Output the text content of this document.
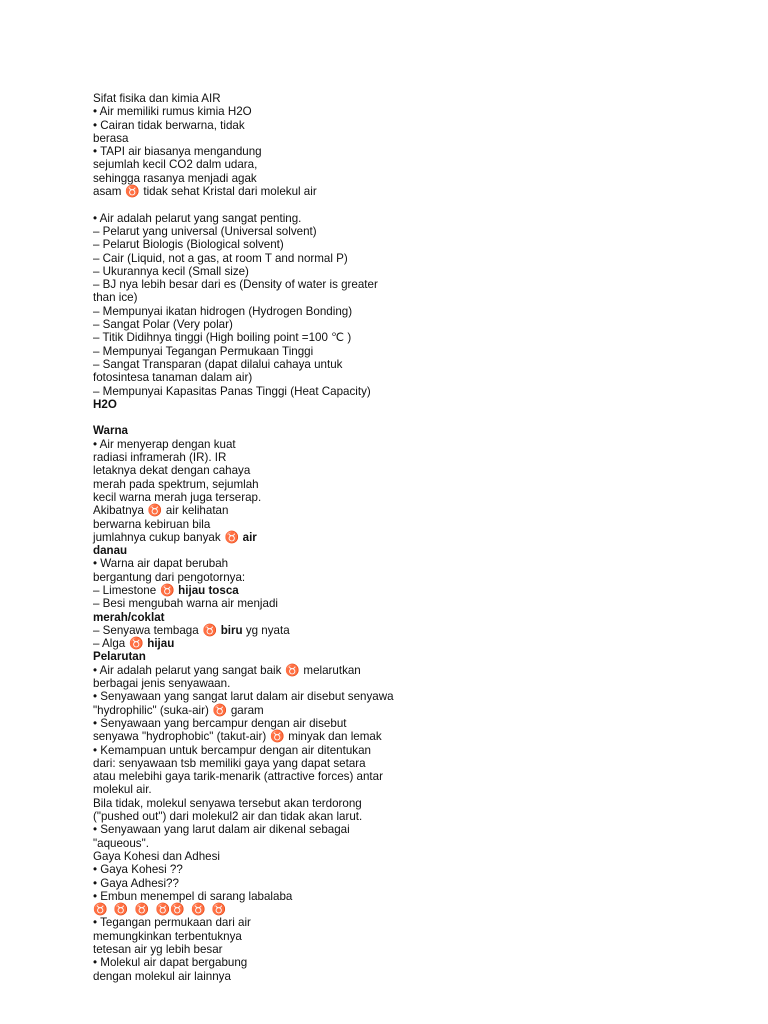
Sifat fisika dan kimia AIR
• Air memiliki rumus kimia H2O
• Cairan tidak berwarna, tidak
berasa
• TAPI air biasanya mengandung
sejumlah kecil CO2 dalm udara,
sehingga rasanya menjadi agak
asam ♉ tidak sehat Kristal dari molekul air
• Air adalah pelarut yang sangat penting.
– Pelarut yang universal (Universal solvent)
– Pelarut Biologis (Biological solvent)
– Cair (Liquid, not a gas, at room T and normal P)
– Ukurannya kecil (Small size)
– BJ nya lebih besar dari es (Density of water is greater
than ice)
– Mempunyai ikatan hidrogen (Hydrogen Bonding)
– Sangat Polar (Very polar)
– Titik Didihnya tinggi (High boiling point =100 ℃ )
– Mempunyai Tegangan Permukaan Tinggi
– Sangat Transparan (dapat dilalui cahaya untuk
fotosintesa tanaman dalam air)
– Mempunyai Kapasitas Panas Tinggi (Heat Capacity)
H2O
Warna
• Air menyerap dengan kuat
radiasi inframerah (IR). IR
letaknya dekat dengan cahaya
merah pada spektrum, sejumlah
kecil warna merah juga terserap.
Akibatnya ♉ air kelihatan
berwarna kebiruan bila
jumlahnya cukup banyak ♉ air
danau
• Warna air dapat berubah
bergantung dari pengotornya:
– Limestone ♉ hijau tosca
– Besi mengubah warna air menjadi
merah/coklat
– Senyawa tembaga ♉ biru yg nyata
– Alga ♉ hijau
Pelarutan
• Air adalah pelarut yang sangat baik ♉ melarutkan
berbagai jenis senyawaan.
• Senyawaan yang sangat larut dalam air disebut senyawa
"hydrophilic" (suka-air) ♉ garam
• Senyawaan yang bercampur dengan air disebut
senyawa "hydrophobic" (takut-air) ♉ minyak dan lemak
• Kemampuan untuk bercampur dengan air ditentukan
dari: senyawaan tsb memiliki gaya yang dapat setara
atau melebihi gaya tarik-menarik (attractive forces) antar
molekul air.
Bila tidak, molekul senyawa tersebut akan terdorong
("pushed out") dari molekul2 air dan tidak akan larut.
• Senyawaan yang larut dalam air dikenal sebagai
"aqueous".
Gaya Kohesi dan Adhesi
• Gaya Kohesi ??
• Gaya Adhesi??
• Embun menempel di sarang labalaba
♉  ♉  ♉  ♉♉  ♉  ♉
• Tegangan permukaan dari air
memungkinkan terbentuknya
tetesan air yg lebih besar
• Molekul air dapat bergabung
dengan molekul air lainnya
